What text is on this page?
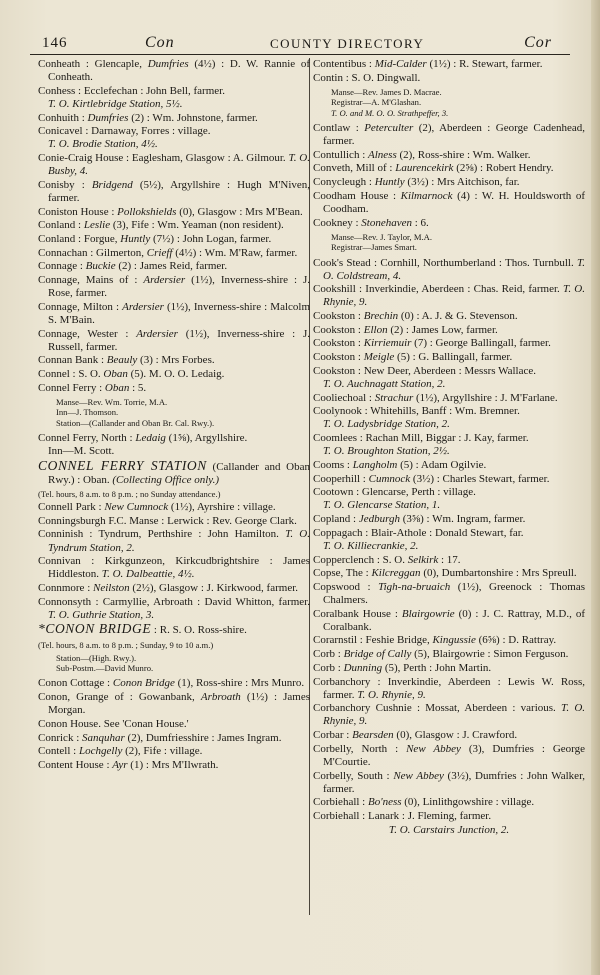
146	Con	COUNTY DIRECTORY	Cor

Conheath : Glencaple, Dumfries (4½) : D. W. Rannie of Conheath.

Conhess : Ecclefechan : John Bell, farmer.
T. O. Kirtlebridge Station, 5½.

Conhuith : Dumfries (2) : Wm. Johnstone, farmer.

Conicavel : Darnaway, Forres : village.
T. O. Brodie Station, 4½.

Conie-Craig House : Eaglesham, Glasgow : A. Gilmour. T. O. Busby, 4.

Conisby : Bridgend (5½), Argyllshire : Hugh M'Niven, farmer.

Coniston House : Pollokshields (0), Glasgow : Mrs M'Bean.

Conland : Leslie (3), Fife : Wm. Yeaman (non resident).

Conland : Forgue, Huntly (7½) : John Logan, farmer.

Connachan : Gilmerton, Crieff (4½) : Wm. M'Raw, farmer.

Connage : Buckie (2) : James Reid, farmer.

Connage, Mains of : Ardersier (1½), Inverness-shire : J. Rose, farmer.

Connage, Milton : Ardersier (1½), Inverness-shire : Malcolm S. M'Bain.

Connage, Wester : Ardersier (1½), Inverness-shire : J. Russell, farmer.

Connan Bank : Beauly (3) : Mrs Forbes.

Connel : S. O. Oban (5). M. O. O. Ledaig.

Connel Ferry : Oban : 5.

Manse—Rev. Wm. Torrie, M.A.
Inn—J. Thomson.
Station—(Callander and Oban Br. Cal. Rwy.).

Connel Ferry, North : Ledaig (1⅝), Argyllshire.
Inn—M. Scott.

CONNEL FERRY STATION (Callander and Oban Rwy.) : Oban. (Collecting Office only.)

(Tel. hours, 8 a.m. to 8 p.m. ; no Sunday attendance.)

Connell Park : New Cumnock (1½), Ayrshire : village.

Conningsburgh F.C. Manse : Lerwick : Rev. George Clark.

Conninish : Tyndrum, Perthshire : John Hamilton. T. O. Tyndrum Station, 2.

Connivan : Kirkgunzeon, Kirkcudbrightshire : James Hiddleston. T. O. Dalbeattie, 4½.

Connmore : Neilston (2½), Glasgow : J. Kirkwood, farmer.

Connonsyth : Carmyllie, Arbroath : David Whitton, farmer. T. O. Guthrie Station, 3.

*CONON BRIDGE : R. S. O. Ross-shire.

(Tel. hours, 8 a.m. to 8 p.m. ; Sunday, 9 to 10 a.m.)

Station—(High. Rwy.).
Sub-Postm.—David Munro.

Conon Cottage : Conon Bridge (1), Ross-shire : Mrs Munro.

Conon, Grange of : Gowanbank, Arbroath (1½) : James Morgan.

Conon House. See 'Conan House.'

Conrick : Sanquhar (2), Dumfriesshire : James Ingram.

Contell : Lochgelly (2), Fife : village.

Content House : Ayr (1) : Mrs M'Ilwrath.

Contentibus : Mid-Calder (1½) : R. Stewart, farmer.

Contin : S. O. Dingwall.

Manse—Rev. James D. Macrae.
Registrar—A. M'Glashan.
T. O. and M. O. O. Strathpeffer, 3.

Contlaw : Peterculter (2), Aberdeen : George Cadenhead, farmer.

Contullich : Alness (2), Ross-shire : Wm. Walker.

Conveth, Mill of : Laurencekirk (2⅝) : Robert Hendry.

Conycleugh : Huntly (3½) : Mrs Aitchison, far.

Coodham House : Kilmarnock (4) : W. H. Houldsworth of Coodham.

Cookney : Stonehaven : 6.

Manse—Rev. J. Taylor, M.A.
Registrar—James Smart.

Cook's Stead : Cornhill, Northumberland : Thos. Turnbull. T. O. Coldstream, 4.

Cookshill : Inverkindie, Aberdeen : Chas. Reid, farmer. T. O. Rhynie, 9.

Cookston : Brechin (0) : A. J. & G. Stevenson.

Cookston : Ellon (2) : James Low, farmer.

Cookston : Kirriemuir (7) : George Ballingall, farmer.

Cookston : Meigle (5) : G. Ballingall, farmer.

Cookston : New Deer, Aberdeen : Messrs Wallace.
T. O. Auchnagatt Station, 2.

Cooliechoal : Strachur (1½), Argyllshire : J. M'Farlane.

Coolynook : Whitehills, Banff : Wm. Bremner.
T. O. Ladysbridge Station, 2.

Coomlees : Rachan Mill, Biggar : J. Kay, farmer.
T. O. Broughton Station, 2½.

Cooms : Langholm (5) : Adam Ogilvie.

Cooperhill : Cumnock (3½) : Charles Stewart, farmer.

Cootown : Glencarse, Perth : village.
T. O. Glencarse Station, 1.

Copland : Jedburgh (3⅝) : Wm. Ingram, farmer.

Coppagach : Blair-Athole : Donald Stewart, far.
T. O. Killiecrankie, 2.

Copperclench : S. O. Selkirk : 17.

Copse, The : Kilcreggan (0), Dumbartonshire : Mrs Spreull.

Copswood : Tigh-na-bruaich (1½), Greenock : Thomas Chalmers.

Coralbank House : Blairgowrie (0) : J. C. Rattray, M.D., of Coralbank.

Corarnstil : Feshie Bridge, Kingussie (6⅝) : D. Rattray.

Corb : Bridge of Cally (5), Blairgowrie : Simon Ferguson.

Corb : Dunning (5), Perth : John Martin.

Corbanchory : Inverkindie, Aberdeen : Lewis W. Ross, farmer. T. O. Rhynie, 9.

Corbanchory Cushnie : Mossat, Aberdeen : various. T. O. Rhynie, 9.

Corbar : Bearsden (0), Glasgow : J. Crawford.

Corbelly, North : New Abbey (3), Dumfries : George M'Courtie.

Corbelly, South : New Abbey (3½), Dumfries : John Walker, farmer.

Corbiehall : Bo'ness (0), Linlithgowshire : village.

Corbiehall : Lanark : J. Fleming, farmer.

T. O. Carstairs Junction, 2.
